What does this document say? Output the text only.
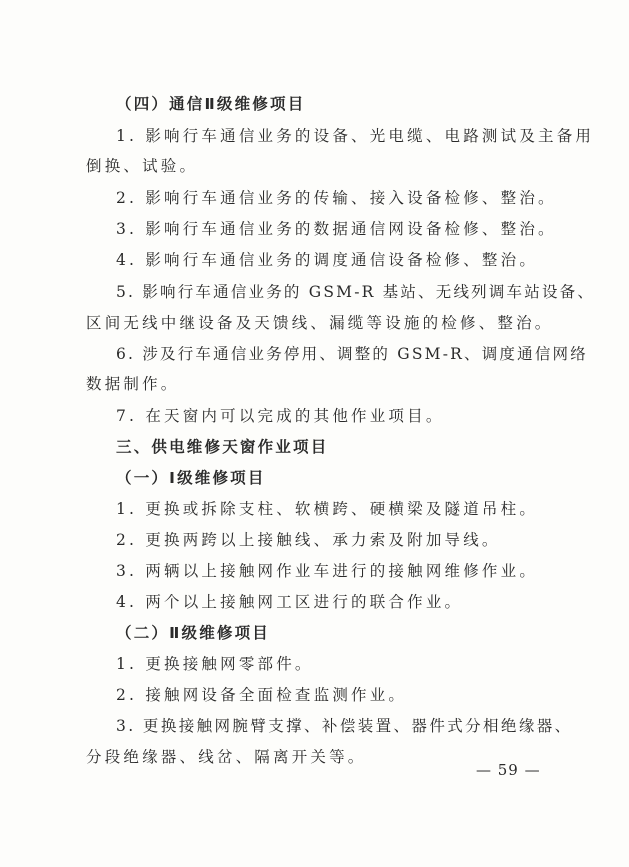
（四）通信Ⅱ级维修项目
1. 影响行车通信业务的设备、光电缆、电路测试及主备用
倒换、试验。
2. 影响行车通信业务的传输、接入设备检修、整治。
3. 影响行车通信业务的数据通信网设备检修、整治。
4. 影响行车通信业务的调度通信设备检修、整治。
5. 影响行车通信业务的 GSM-R 基站、无线列调车站设备、
区间无线中继设备及天馈线、漏缆等设施的检修、整治。
6. 涉及行车通信业务停用、调整的 GSM-R、调度通信网络
数据制作。
7. 在天窗内可以完成的其他作业项目。
三、供电维修天窗作业项目
（一）Ⅰ级维修项目
1. 更换或拆除支柱、软横跨、硬横梁及隧道吊柱。
2. 更换两跨以上接触线、承力索及附加导线。
3. 两辆以上接触网作业车进行的接触网维修作业。
4. 两个以上接触网工区进行的联合作业。
（二）Ⅱ级维修项目
1. 更换接触网零部件。
2. 接触网设备全面检查监测作业。
3. 更换接触网腕臂支撑、补偿装置、器件式分相绝缘器、
分段绝缘器、线岔、隔离开关等。
— 59 —
